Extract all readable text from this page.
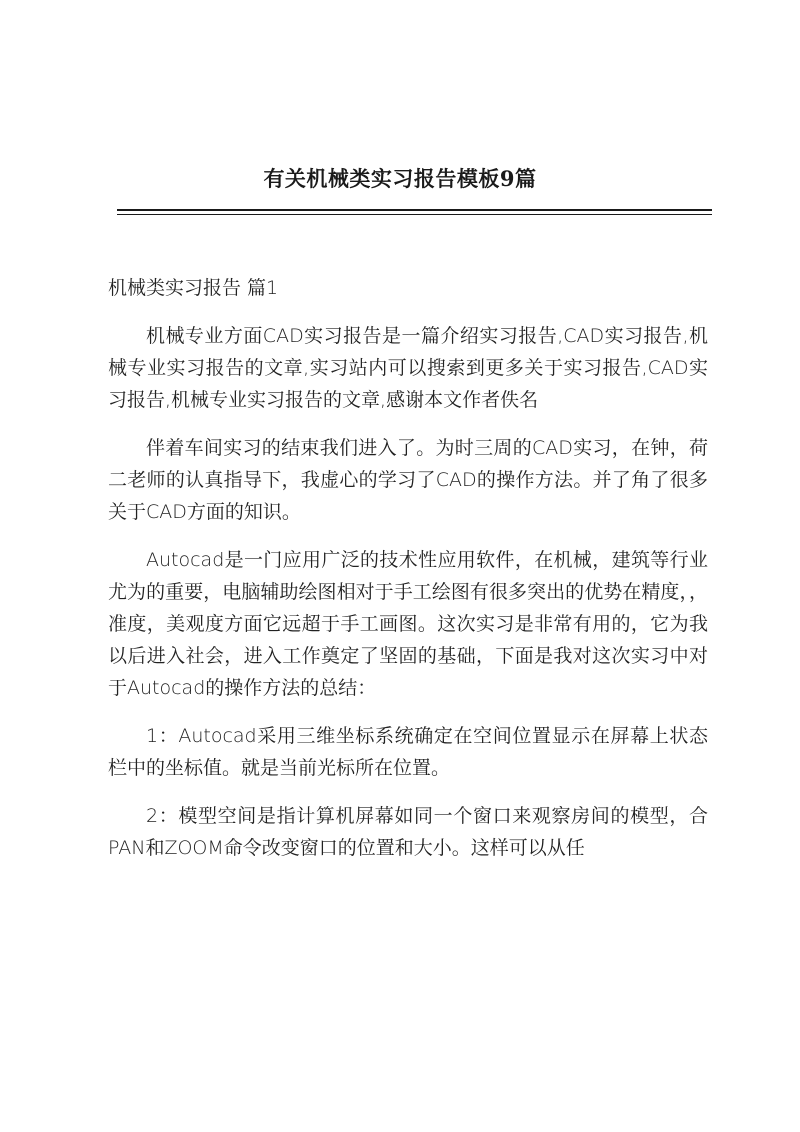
有关机械类实习报告模板9篇

机械类实习报告 篇1

机械专业方面CAD实习报告是一篇介绍实习报告,CAD实习报告,机械专业实习报告的文章,实习站内可以搜索到更多关于实习报告,CAD实习报告,机械专业实习报告的文章,感谢本文作者佚名

伴着车间实习的结束我们进入了。为时三周的CAD实习，在钟，荷二老师的认真指导下，我虚心的学习了CAD的操作方法。并了角了很多关于CAD方面的知识。

Autocad是一门应用广泛的技术性应用软件，在机械，建筑等行业尤为的重要，电脑辅助绘图相对于手工绘图有很多突出的优势在精度，，准度，美观度方面它远超于手工画图。这次实习是非常有用的，它为我以后进入社会，进入工作奠定了坚固的基础，下面是我对这次实习中对于Autocad的操作方法的总结：

1：Autocad采用三维坐标系统确定在空间位置显示在屏幕上状态栏中的坐标值。就是当前光标所在位置。

2：模型空间是指计算机屏幕如同一个窗口来观察房间的模型，合PAN和ZOOM命令改变窗口的位置和大小。这样可以从任
